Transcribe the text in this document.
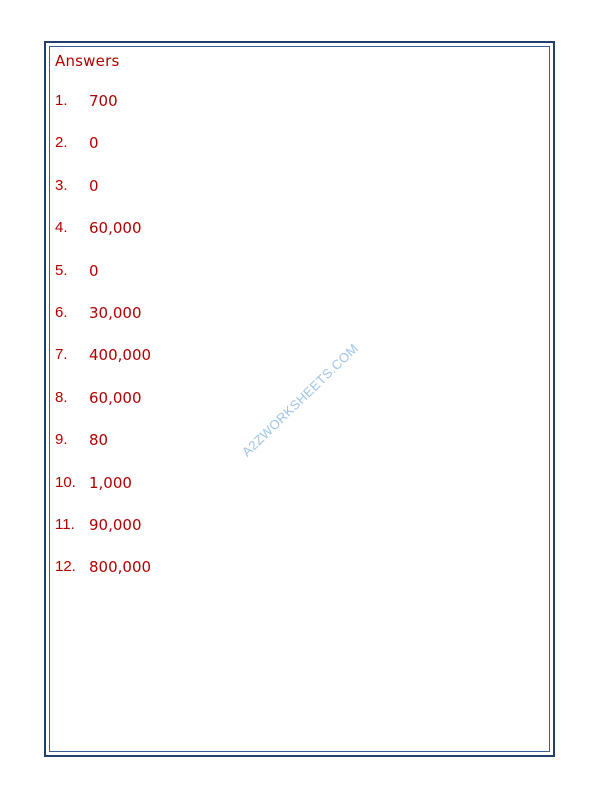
Answers
1.	700
2.	0
3.	0
4.	60,000
5.	0
6.	30,000
7.	400,000
8.	60,000
9.	80
10. 1,000
11. 90,000
12. 800,000
A2ZWORKSHEETS.COM
